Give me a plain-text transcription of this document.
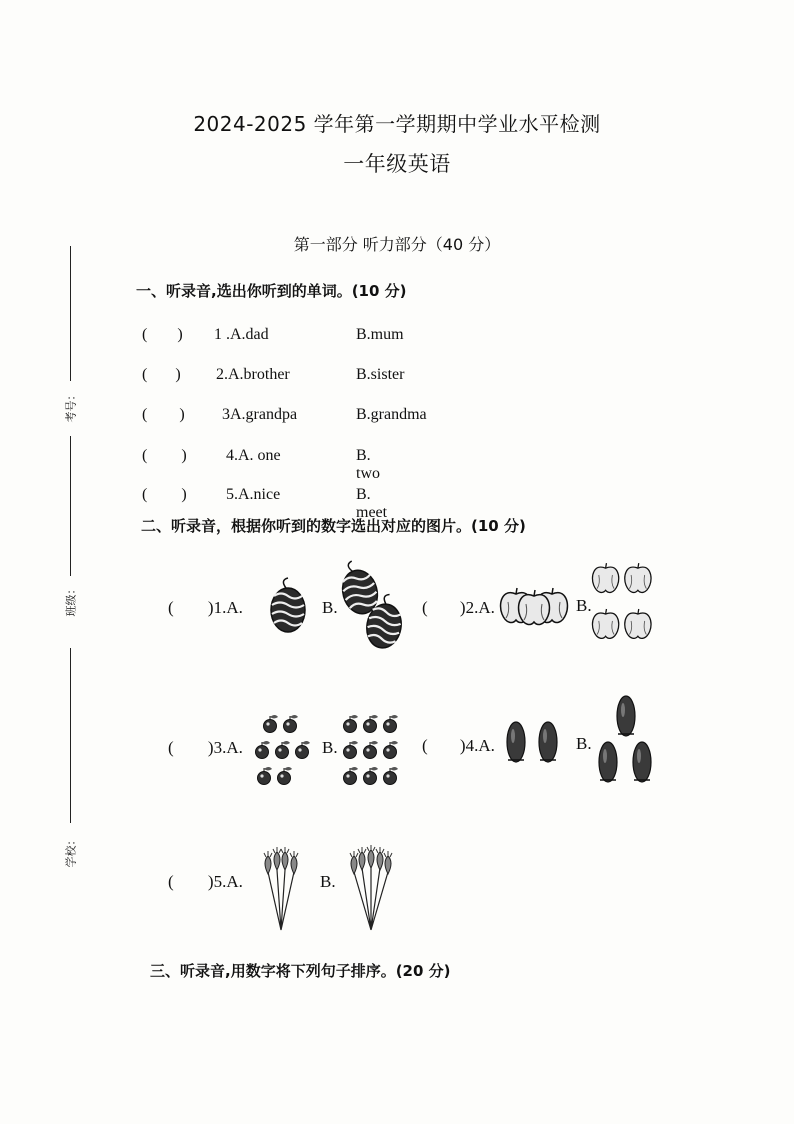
考号：
班级：
学校：
2024-2025 学年第一学期期中学业水平检测
一年级英语
第一部分 听力部分（40 分）
一、听录音,选出你听到的单词。(10 分)
( ) 1 .A.dad	B.mum
( ) 2.A.brother	B.sister
( ) 3A.grandpa	B.grandma
( ) 4.A. one	B. two
( ) 5.A.nice	B. meet
二、听录音，根据你听到的数字选出对应的图片。(10 分)
( )1.A.	B.	( )2.A.	B.
( )3.A.	B.	( )4.A.	B.
( )5.A.	B.
三、听录音,用数字将下列句子排序。(20 分)
